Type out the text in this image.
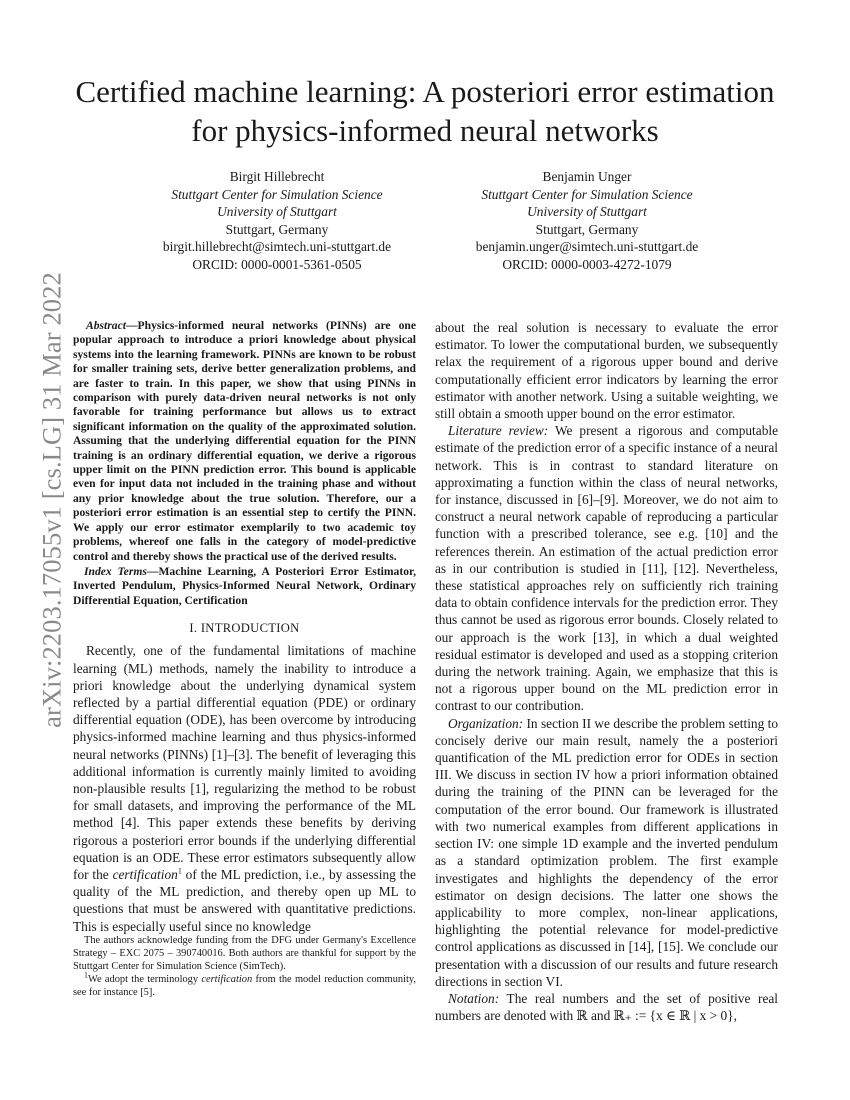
arXiv:2203.17055v1 [cs.LG] 31 Mar 2022
Certified machine learning: A posteriori error estimation for physics-informed neural networks
Birgit Hillebrecht
Stuttgart Center for Simulation Science
University of Stuttgart
Stuttgart, Germany
birgit.hillebrecht@simtech.uni-stuttgart.de
ORCID: 0000-0001-5361-0505
Benjamin Unger
Stuttgart Center for Simulation Science
University of Stuttgart
Stuttgart, Germany
benjamin.unger@simtech.uni-stuttgart.de
ORCID: 0000-0003-4272-1079

Abstract—Physics-informed neural networks (PINNs) are one popular approach to introduce a priori knowledge about physical systems into the learning framework. PINNs are known to be robust for smaller training sets, derive better generalization problems, and are faster to train. In this paper, we show that using PINNs in comparison with purely data-driven neural networks is not only favorable for training performance but allows us to extract significant information on the quality of the approximated solution. Assuming that the underlying differential equation for the PINN training is an ordinary differential equation, we derive a rigorous upper limit on the PINN prediction error. This bound is applicable even for input data not included in the training phase and without any prior knowledge about the true solution. Therefore, our a posteriori error estimation is an essential step to certify the PINN. We apply our error estimator exemplarily to two academic toy problems, whereof one falls in the category of model-predictive control and thereby shows the practical use of the derived results.

Index Terms—Machine Learning, A Posteriori Error Estimator, Inverted Pendulum, Physics-Informed Neural Network, Ordinary Differential Equation, Certification

I. INTRODUCTION

Recently, one of the fundamental limitations of machine learning (ML) methods, namely the inability to introduce a priori knowledge about the underlying dynamical system reflected by a partial differential equation (PDE) or ordinary differential equation (ODE), has been overcome by introducing physics-informed machine learning and thus physics-informed neural networks (PINNs) [1]–[3]. The benefit of leveraging this additional information is currently mainly limited to avoiding non-plausible results [1], regularizing the method to be robust for small datasets, and improving the performance of the ML method [4]. This paper extends these benefits by deriving rigorous a posteriori error bounds if the underlying differential equation is an ODE. These error estimators subsequently allow for the certification$^1$ of the ML prediction, i.e., by assessing the quality of the ML prediction, and thereby open up ML to questions that must be answered with quantitative predictions. This is especially useful since no knowledge

The authors acknowledge funding from the DFG under Germany's Excellence Strategy – EXC 2075 – 390740016. Both authors are thankful for support by the Stuttgart Center for Simulation Science (SimTech).

$^1$We adopt the terminology certification from the model reduction community, see for instance [5].

about the real solution is necessary to evaluate the error estimator. To lower the computational burden, we subsequently relax the requirement of a rigorous upper bound and derive computationally efficient error indicators by learning the error estimator with another network. Using a suitable weighting, we still obtain a smooth upper bound on the error estimator.

Literature review: We present a rigorous and computable estimate of the prediction error of a specific instance of a neural network. This is in contrast to standard literature on approximating a function within the class of neural networks, for instance, discussed in [6]–[9]. Moreover, we do not aim to construct a neural network capable of reproducing a particular function with a prescribed tolerance, see e.g. [10] and the references therein. An estimation of the actual prediction error as in our contribution is studied in [11], [12]. Nevertheless, these statistical approaches rely on sufficiently rich training data to obtain confidence intervals for the prediction error. They thus cannot be used as rigorous error bounds. Closely related to our approach is the work [13], in which a dual weighted residual estimator is developed and used as a stopping criterion during the network training. Again, we emphasize that this is not a rigorous upper bound on the ML prediction error in contrast to our contribution.

Organization: In section II we describe the problem setting to concisely derive our main result, namely the a posteriori quantification of the ML prediction error for ODEs in section III. We discuss in section IV how a priori information obtained during the training of the PINN can be leveraged for the computation of the error bound. Our framework is illustrated with two numerical examples from different applications in section IV: one simple 1D example and the inverted pendulum as a standard optimization problem. The first example investigates and highlights the dependency of the error estimator on design decisions. The latter one shows the applicability to more complex, non-linear applications, highlighting the potential relevance for model-predictive control applications as discussed in [14], [15]. We conclude our presentation with a discussion of our results and future research directions in section VI.

Notation: The real numbers and the set of positive real numbers are denoted with ℝ and ℝ₊ := {x ∈ ℝ | x > 0},
